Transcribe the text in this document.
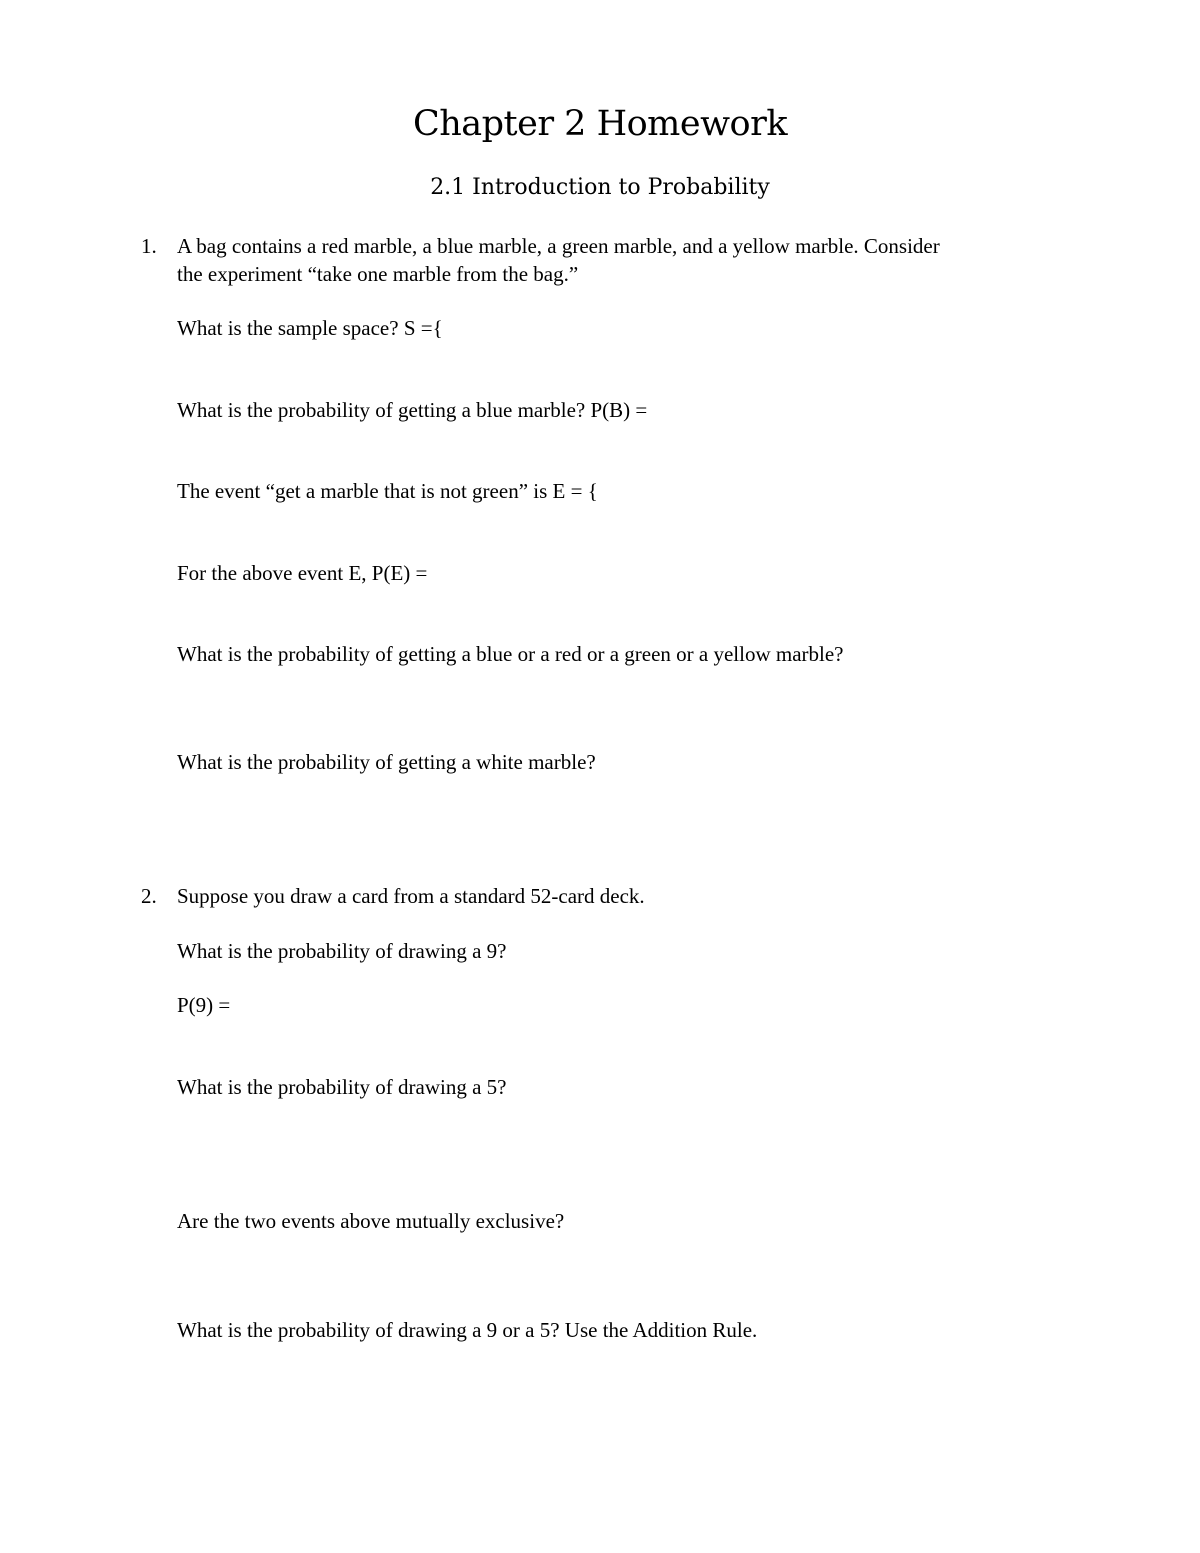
Chapter 2 Homework
2.1 Introduction to Probability

1. A bag contains a red marble, a blue marble, a green marble, and a yellow marble. Consider

the experiment “take one marble from the bag.”

What is the sample space? S ={

What is the probability of getting a blue marble? P(B) =

The event “get a marble that is not green” is E = {

For the above event E, P(E) =

What is the probability of getting a blue or a red or a green or a yellow marble?

What is the probability of getting a white marble?

2. Suppose you draw a card from a standard 52-card deck.

What is the probability of drawing a 9?

P(9) =

What is the probability of drawing a 5?

Are the two events above mutually exclusive?

What is the probability of drawing a 9 or a 5? Use the Addition Rule.
